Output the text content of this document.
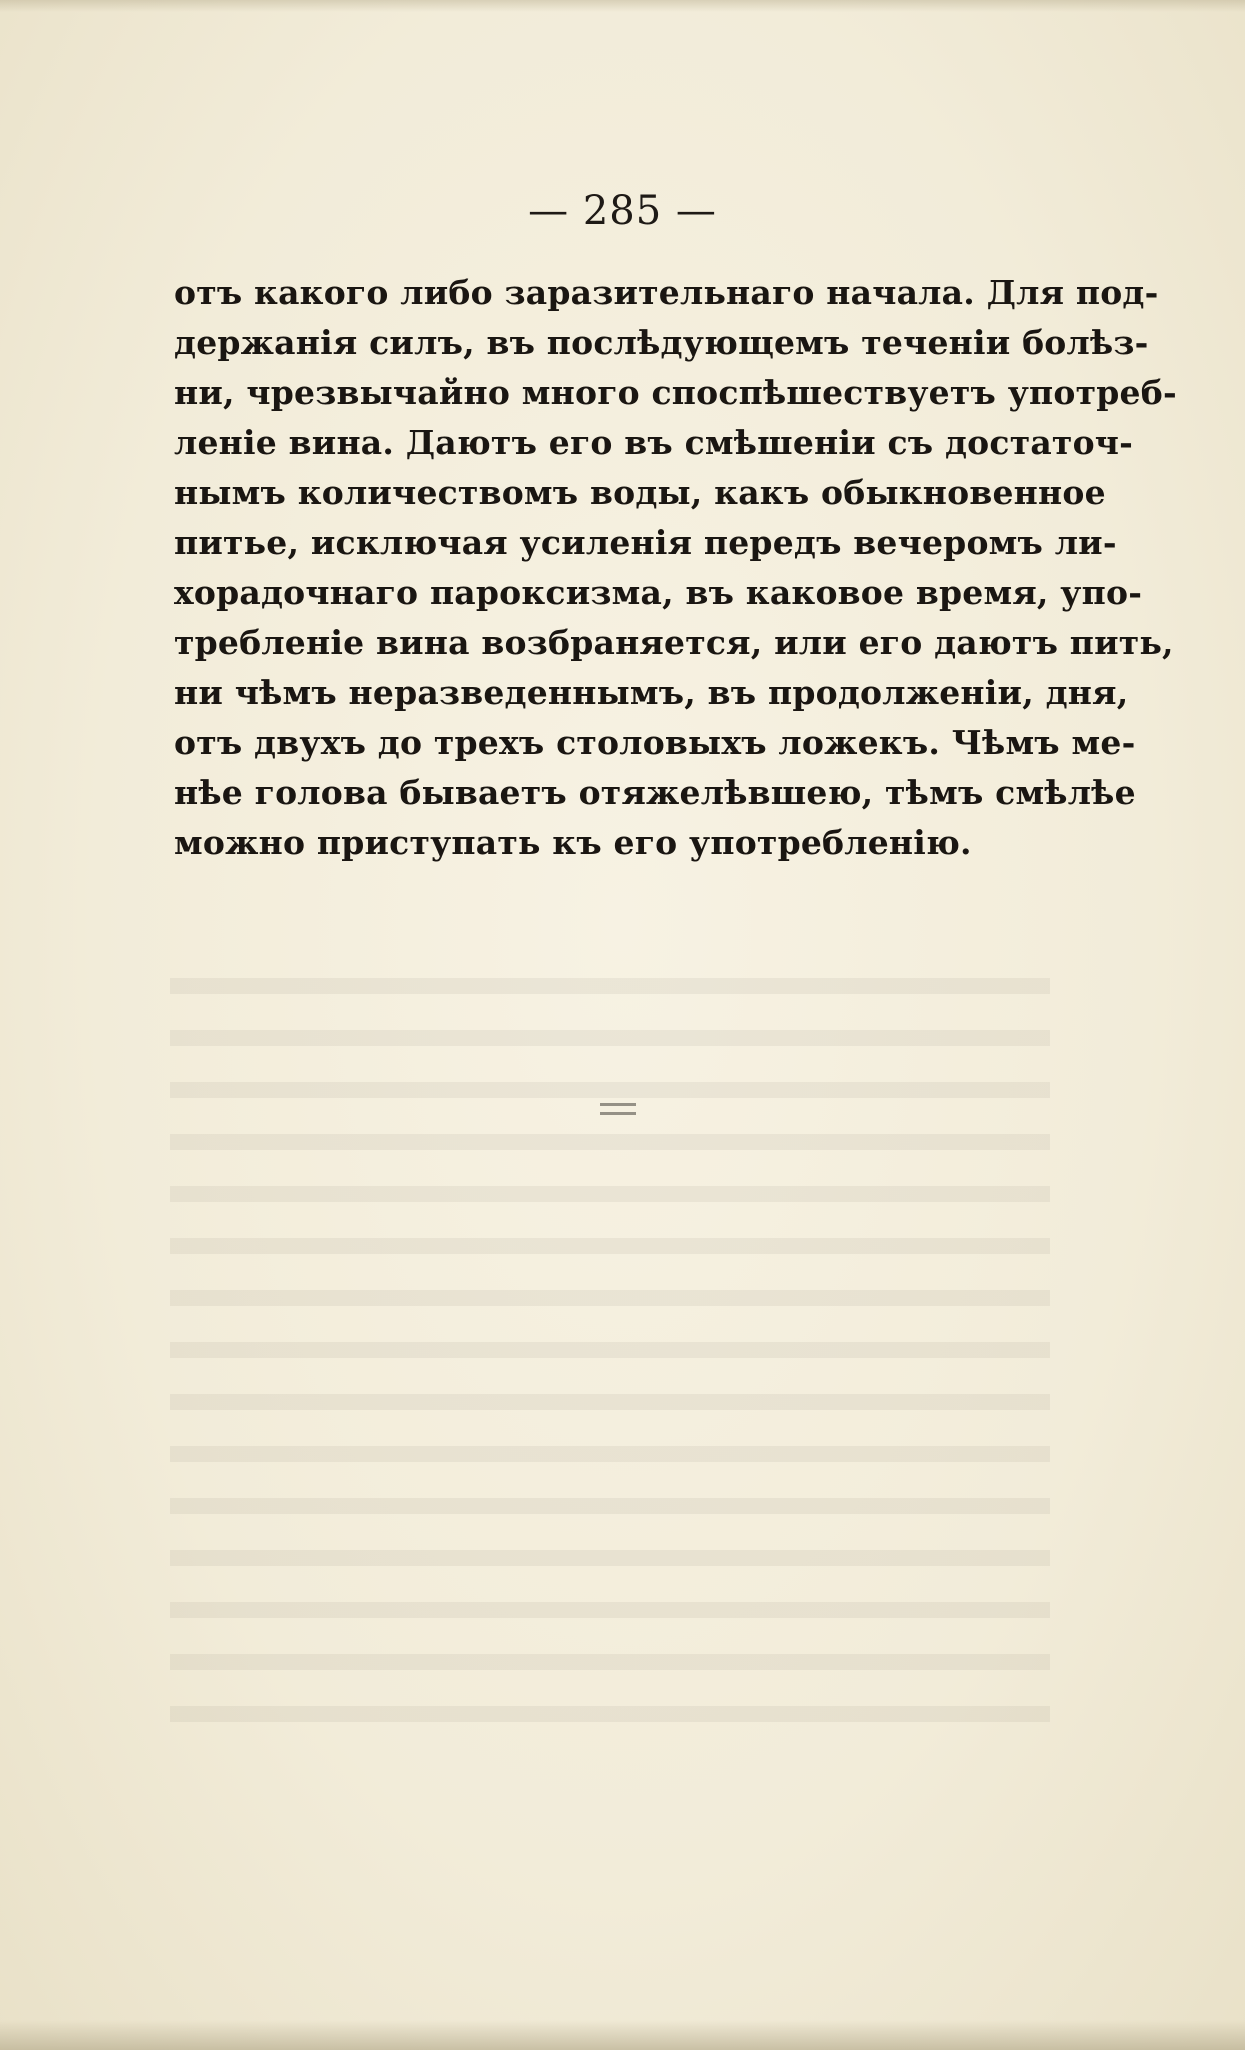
— 285 —
отъ какого либо заразительнаго начала. Для под-
держанія силъ, въ послѣдующемъ теченіи болѣз-
ни, чрезвычайно много споспѣшествуетъ употреб-
леніе вина. Даютъ его въ смѣшеніи съ достаточ-
нымъ количествомъ воды, какъ обыкновенное
питье, исключая усиленія передъ вечеромъ ли-
хорадочнаго пароксизма, въ каковое время, упо-
требленіе вина возбраняется, или его даютъ пить,
ни чѣмъ неразведеннымъ, въ продолженіи, дня,
отъ двухъ до трехъ столовыхъ ложекъ. Чѣмъ ме-
нѣе голова бываетъ отяжелѣвшею, тѣмъ смѣлѣе
можно приступать къ его употребленію.
